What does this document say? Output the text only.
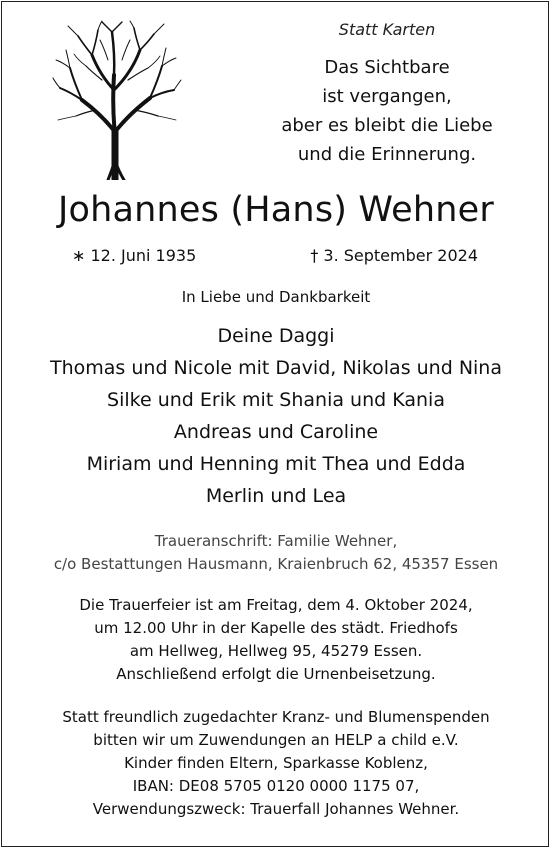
Statt Karten

Das Sichtbare
ist vergangen,
aber es bleibt die Liebe
und die Erinnerung.

Johannes (Hans) Wehner
∗ 12. Juni 1935	† 3. September 2024
In Liebe und Dankbarkeit
Deine Daggi
Thomas und Nicole mit David, Nikolas und Nina
Silke und Erik mit Shania und Kania
Andreas und Caroline
Miriam und Henning mit Thea und Edda
Merlin und Lea
Traueranschrift: Familie Wehner,
c/o Bestattungen Hausmann, Kraienbruch 62, 45357 Essen
Die Trauerfeier ist am Freitag, dem 4. Oktober 2024,
um 12.00 Uhr in der Kapelle des städt. Friedhofs
am Hellweg, Hellweg 95, 45279 Essen.
Anschließend erfolgt die Urnenbeisetzung.
Statt freundlich zugedachter Kranz- und Blumenspenden
bitten wir um Zuwendungen an HELP a child e.V.
Kinder finden Eltern, Sparkasse Koblenz,
IBAN: DE08 5705 0120 0000 1175 07,
Verwendungszweck: Trauerfall Johannes Wehner.
